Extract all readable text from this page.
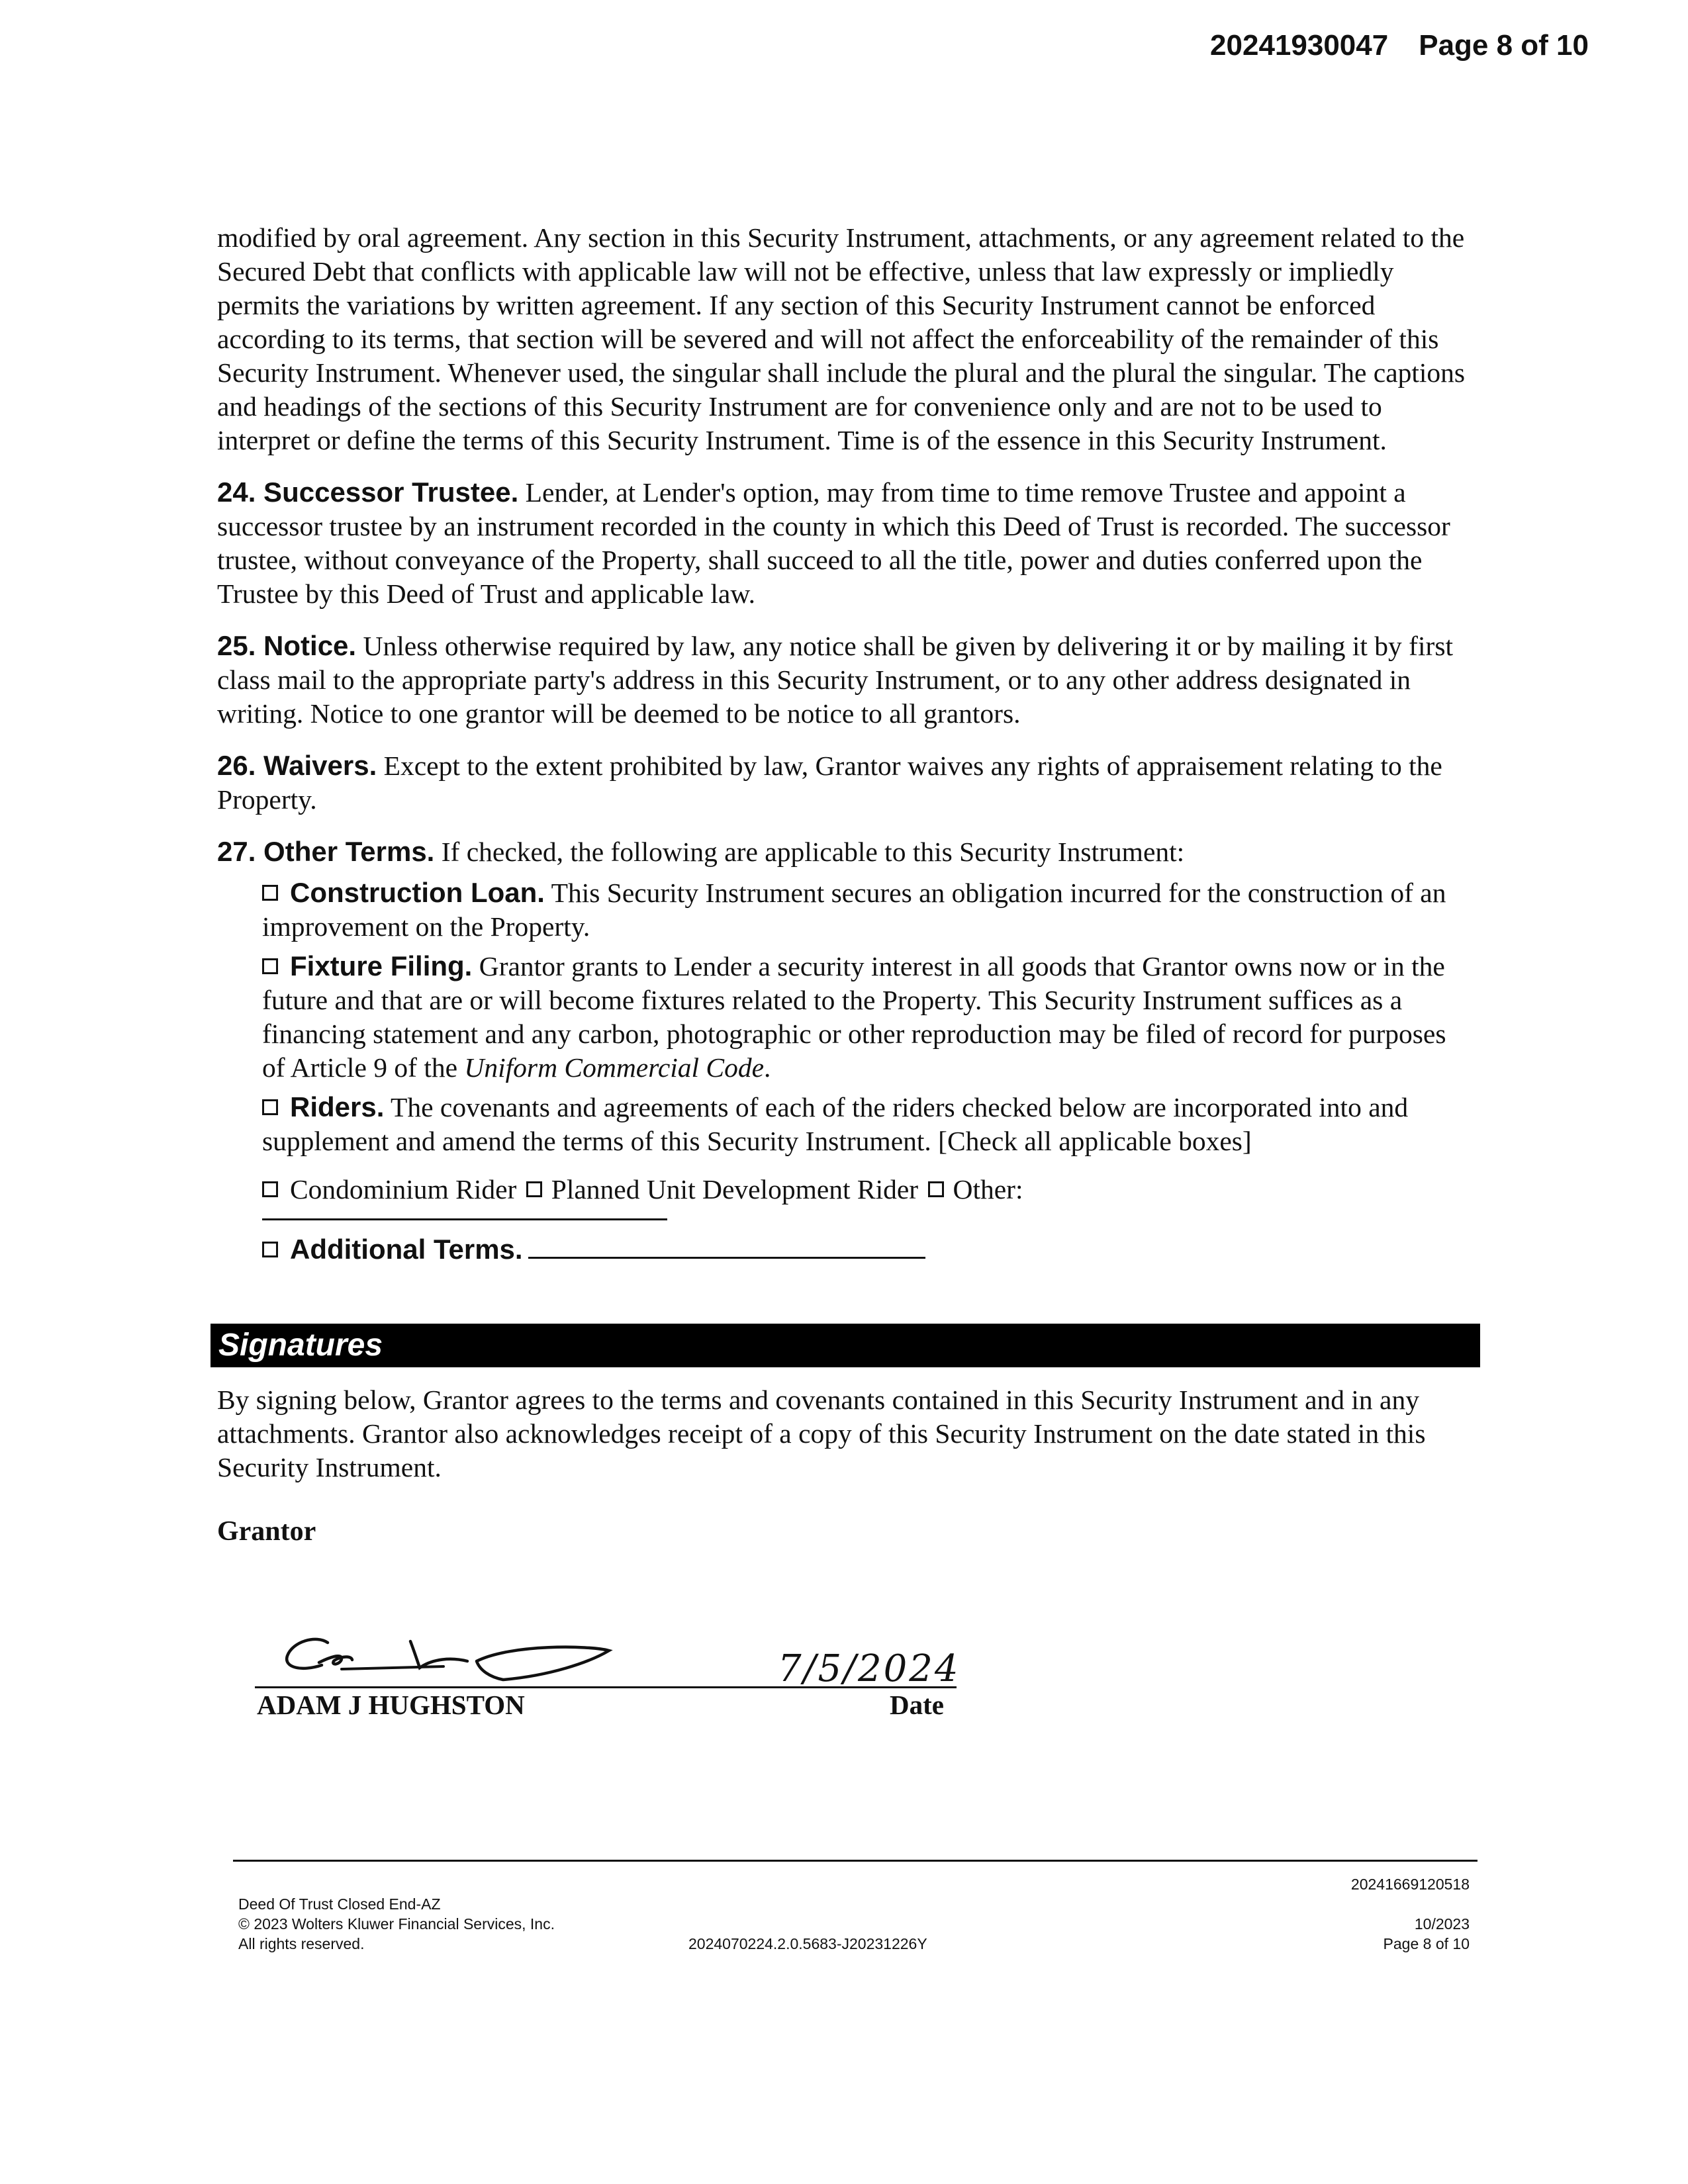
20241930047 Page 8 of 10

modified by oral agreement. Any section in this Security Instrument, attachments, or any agreement related to the Secured Debt that conflicts with applicable law will not be effective, unless that law expressly or impliedly permits the variations by written agreement. If any section of this Security Instrument cannot be enforced according to its terms, that section will be severed and will not affect the enforceability of the remainder of this Security Instrument. Whenever used, the singular shall include the plural and the plural the singular. The captions and headings of the sections of this Security Instrument are for convenience only and are not to be used to interpret or define the terms of this Security Instrument. Time is of the essence in this Security Instrument.

24. Successor Trustee. Lender, at Lender's option, may from time to time remove Trustee and appoint a successor trustee by an instrument recorded in the county in which this Deed of Trust is recorded. The successor trustee, without conveyance of the Property, shall succeed to all the title, power and duties conferred upon the Trustee by this Deed of Trust and applicable law.

25. Notice. Unless otherwise required by law, any notice shall be given by delivering it or by mailing it by first class mail to the appropriate party's address in this Security Instrument, or to any other address designated in writing. Notice to one grantor will be deemed to be notice to all grantors.

26. Waivers. Except to the extent prohibited by law, Grantor waives any rights of appraisement relating to the Property.

27. Other Terms. If checked, the following are applicable to this Security Instrument:

Construction Loan. This Security Instrument secures an obligation incurred for the construction of an improvement on the Property.

Fixture Filing. Grantor grants to Lender a security interest in all goods that Grantor owns now or in the future and that are or will become fixtures related to the Property. This Security Instrument suffices as a financing statement and any carbon, photographic or other reproduction may be filed of record for purposes of Article 9 of the Uniform Commercial Code.

Riders. The covenants and agreements of each of the riders checked below are incorporated into and supplement and amend the terms of this Security Instrument. [Check all applicable boxes]

Condominium Rider Planned Unit Development Rider Other:
Additional Terms.
Signatures

By signing below, Grantor agrees to the terms and covenants contained in this Security Instrument and in any attachments. Grantor also acknowledges receipt of a copy of this Security Instrument on the date stated in this Security Instrument.

Grantor
7/5/2024
ADAM J HUGHSTON	Date
Deed Of Trust Closed End-AZ
© 2023 Wolters Kluwer Financial Services, Inc.
All rights reserved.	2024070224.2.0.5683-J20231226Y
20241669120518
10/2023
Page 8 of 10
